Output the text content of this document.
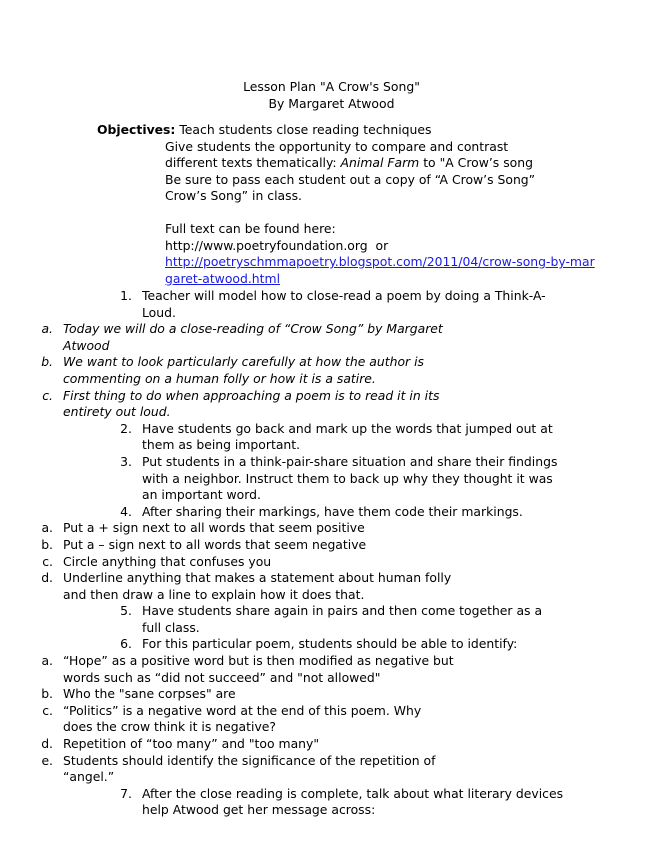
Lesson Plan "A Crow's Song"
By Margaret Atwood
Objectives: Teach students close reading techniques
Give students the opportunity to compare and contrast
different texts thematically: Animal Farm to "A Crow’s song
Be sure to pass each student out a copy of “A Crow’s Song”
Crow’s Song” in class.
Full text can be found here:
http://www.poetryfoundation.org  or
http://poetryschmmapoetry.blogspot.com/2011/04/crow-song-by-margaret-atwood.html
1. Teacher will model how to close-read a poem by doing a Think-A-Loud.
a. Today we will do a close-reading of “Crow Song” by Margaret Atwood
b. We want to look particularly carefully at how the author is commenting on a human folly or how it is a satire.
c. First thing to do when approaching a poem is to read it in its entirety out loud.
2. Have students go back and mark up the words that jumped out at them as being important.
3. Put students in a think-pair-share situation and share their findings with a neighbor. Instruct them to back up why they thought it was an important word.
4. After sharing their markings, have them code their markings.
a. Put a + sign next to all words that seem positive
b. Put a – sign next to all words that seem negative
c. Circle anything that confuses you
d. Underline anything that makes a statement about human folly and then draw a line to explain how it does that.
5. Have students share again in pairs and then come together as a full class.
6. For this particular poem, students should be able to identify:
a. “Hope” as a positive word but is then modified as negative but words such as “did not succeed” and "not allowed"
b. Who the "sane corpses" are
c. “Politics” is a negative word at the end of this poem. Why does the crow think it is negative?
d. Repetition of “too many” and "too many"
e. Students should identify the significance of the repetition of “angel.”
7. After the close reading is complete, talk about what literary devices help Atwood get her message across:
